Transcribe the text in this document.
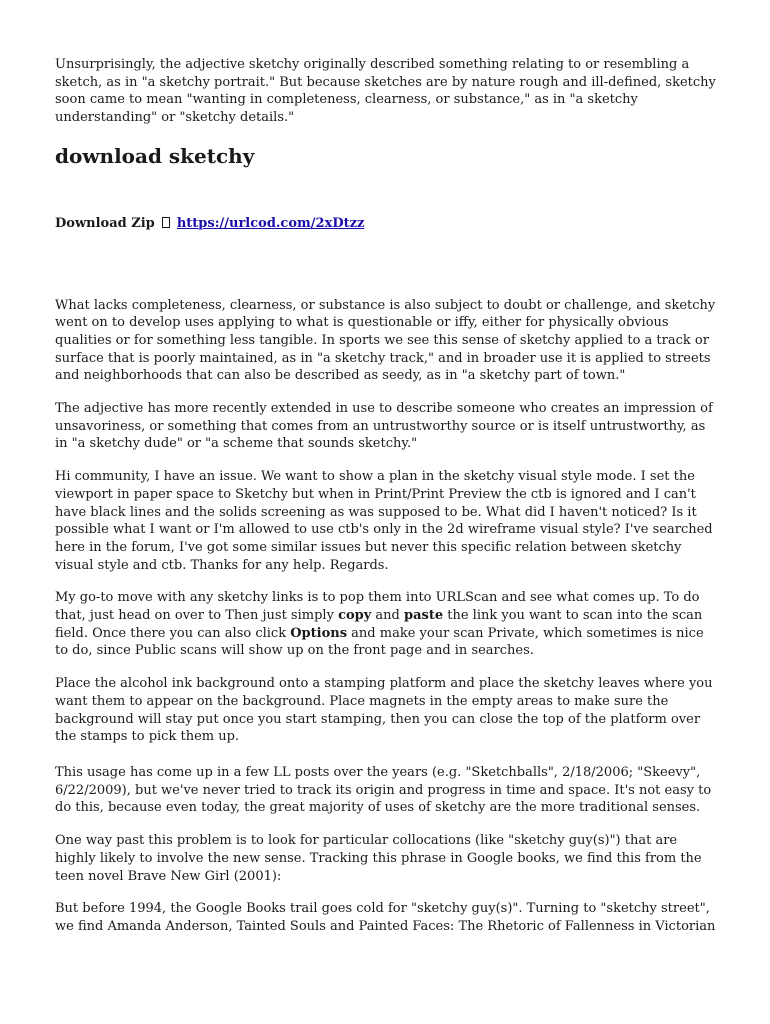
Unsurprisingly, the adjective sketchy originally described something relating to or resembling a sketch, as in "a sketchy portrait." But because sketches are by nature rough and ill-defined, sketchy soon came to mean "wanting in completeness, clearness, or substance," as in "a sketchy understanding" or "sketchy details."

download sketchy
Download Zip https://urlcod.com/2xDtzz

What lacks completeness, clearness, or substance is also subject to doubt or challenge, and sketchy went on to develop uses applying to what is questionable or iffy, either for physically obvious qualities or for something less tangible. In sports we see this sense of sketchy applied to a track or surface that is poorly maintained, as in "a sketchy track," and in broader use it is applied to streets and neighborhoods that can also be described as seedy, as in "a sketchy part of town."

The adjective has more recently extended in use to describe someone who creates an impression of unsavoriness, or something that comes from an untrustworthy source or is itself untrustworthy, as in "a sketchy dude" or "a scheme that sounds sketchy."

Hi community, I have an issue. We want to show a plan in the sketchy visual style mode. I set the viewport in paper space to Sketchy but when in Print/Print Preview the ctb is ignored and I can't have black lines and the solids screening as was supposed to be. What did I haven't noticed? Is it possible what I want or I'm allowed to use ctb's only in the 2d wireframe visual style? I've searched here in the forum, I've got some similar issues but never this specific relation between sketchy visual style and ctb. Thanks for any help. Regards.

My go-to move with any sketchy links is to pop them into URLScan and see what comes up. To do that, just head on over to Then just simply copy and paste the link you want to scan into the scan field. Once there you can also click Options and make your scan Private, which sometimes is nice to do, since Public scans will show up on the front page and in searches.

Place the alcohol ink background onto a stamping platform and place the sketchy leaves where you want them to appear on the background. Place magnets in the empty areas to make sure the background will stay put once you start stamping, then you can close the top of the platform over the stamps to pick them up.

This usage has come up in a few LL posts over the years (e.g. "Sketchballs", 2/18/2006; "Skeevy", 6/22/2009), but we've never tried to track its origin and progress in time and space. It's not easy to do this, because even today, the great majority of uses of sketchy are the more traditional senses.

One way past this problem is to look for particular collocations (like "sketchy guy(s)") that are highly likely to involve the new sense. Tracking this phrase in Google books, we find this from the teen novel Brave New Girl (2001):

But before 1994, the Google Books trail goes cold for "sketchy guy(s)". Turning to "sketchy street", we find Amanda Anderson, Tainted Souls and Painted Faces: The Rhetoric of Fallenness in Victorian
